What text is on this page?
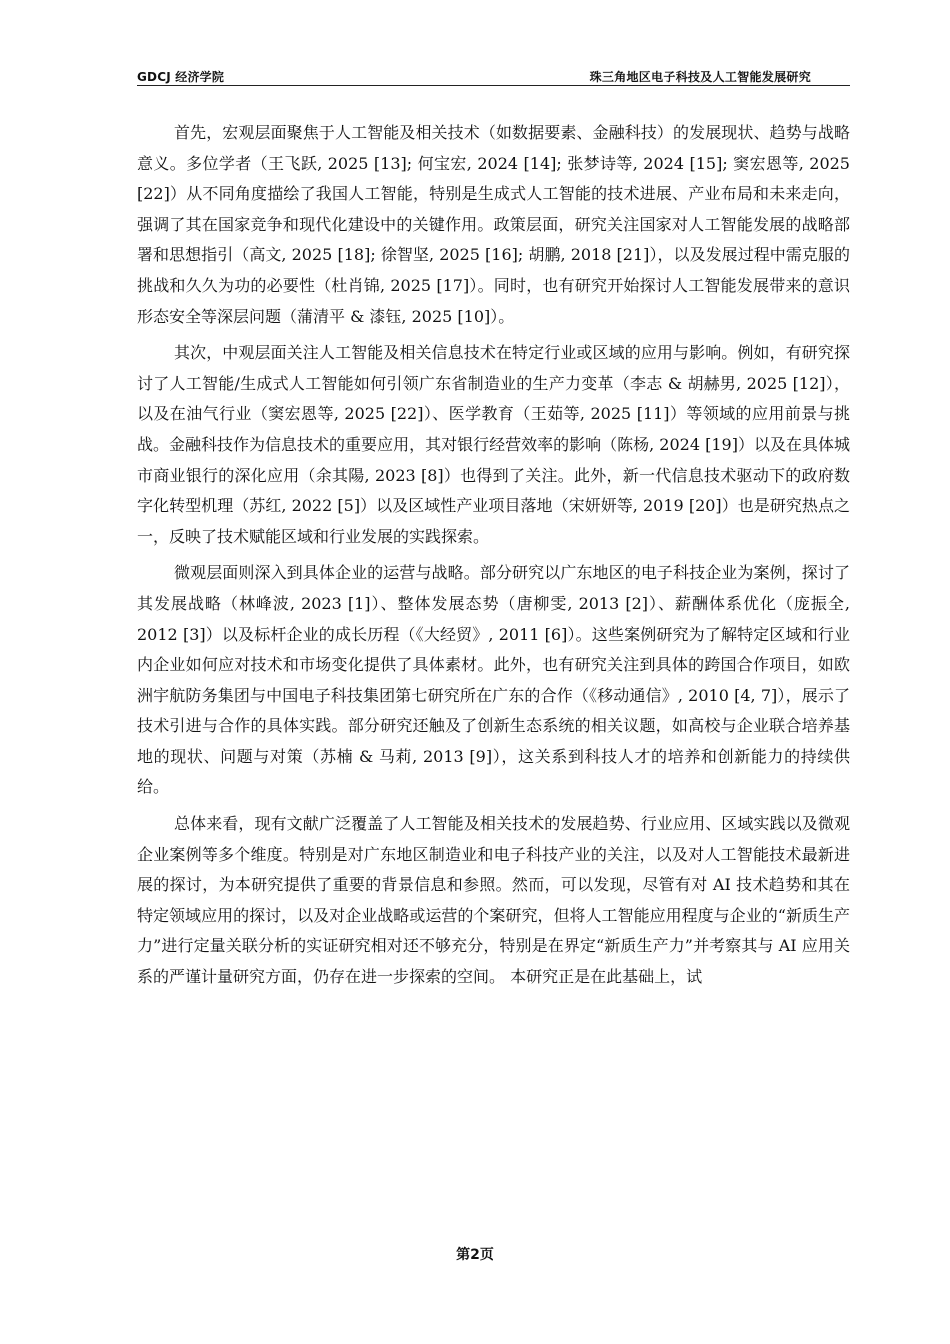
GDCJ 经济学院	珠三角地区电子科技及人工智能发展研究

首先，宏观层面聚焦于人工智能及相关技术（如数据要素、金融科技）的发展现状、趋势与战略意义。多位学者（王飞跃, 2025 [13]; 何宝宏, 2024 [14]; 张梦诗等, 2024 [15]; 窦宏恩等, 2025 [22]）从不同角度描绘了我国人工智能，特别是生成式人工智能的技术进展、产业布局和未来走向，强调了其在国家竞争和现代化建设中的关键作用。政策层面，研究关注国家对人工智能发展的战略部署和思想指引（高文, 2025 [18]; 徐智坚, 2025 [16]; 胡鹏, 2018 [21]），以及发展过程中需克服的挑战和久久为功的必要性（杜肖锦, 2025 [17]）。同时，也有研究开始探讨人工智能发展带来的意识形态安全等深层问题（蒲清平 & 漆钰, 2025 [10]）。

其次，中观层面关注人工智能及相关信息技术在特定行业或区域的应用与影响。例如，有研究探讨了人工智能/生成式人工智能如何引领广东省制造业的生产力变革（李志 & 胡赫男, 2025 [12]），以及在油气行业（窦宏恩等, 2025 [22]）、医学教育（王茹等, 2025 [11]）等领域的应用前景与挑战。金融科技作为信息技术的重要应用，其对银行经营效率的影响（陈杨, 2024 [19]）以及在具体城市商业银行的深化应用（余其陽, 2023 [8]）也得到了关注。此外，新一代信息技术驱动下的政府数字化转型机理（苏红, 2022 [5]）以及区域性产业项目落地（宋妍妍等, 2019 [20]）也是研究热点之一，反映了技术赋能区域和行业发展的实践探索。

微观层面则深入到具体企业的运营与战略。部分研究以广东地区的电子科技企业为案例，探讨了其发展战略（林峰波, 2023 [1]）、整体发展态势（唐柳雯, 2013 [2]）、薪酬体系优化（庞振全, 2012 [3]）以及标杆企业的成长历程（《大经贸》, 2011 [6]）。这些案例研究为了解特定区域和行业内企业如何应对技术和市场变化提供了具体素材。此外，也有研究关注到具体的跨国合作项目，如欧洲宇航防务集团与中国电子科技集团第七研究所在广东的合作（《移动通信》, 2010 [4, 7]），展示了技术引进与合作的具体实践。部分研究还触及了创新生态系统的相关议题，如高校与企业联合培养基地的现状、问题与对策（苏楠 & 马莉, 2013 [9]），这关系到科技人才的培养和创新能力的持续供给。

总体来看，现有文献广泛覆盖了人工智能及相关技术的发展趋势、行业应用、区域实践以及微观企业案例等多个维度。特别是对广东地区制造业和电子科技产业的关注，以及对人工智能技术最新进展的探讨，为本研究提供了重要的背景信息和参照。然而，可以发现，尽管有对 AI 技术趋势和其在特定领域应用的探讨，以及对企业战略或运营的个案研究，但将人工智能应用程度与企业的“新质生产力”进行定量关联分析的实证研究相对还不够充分，特别是在界定“新质生产力”并考察其与 AI 应用关系的严谨计量研究方面，仍存在进一步探索的空间。 本研究正是在此基础上，试

第2页
